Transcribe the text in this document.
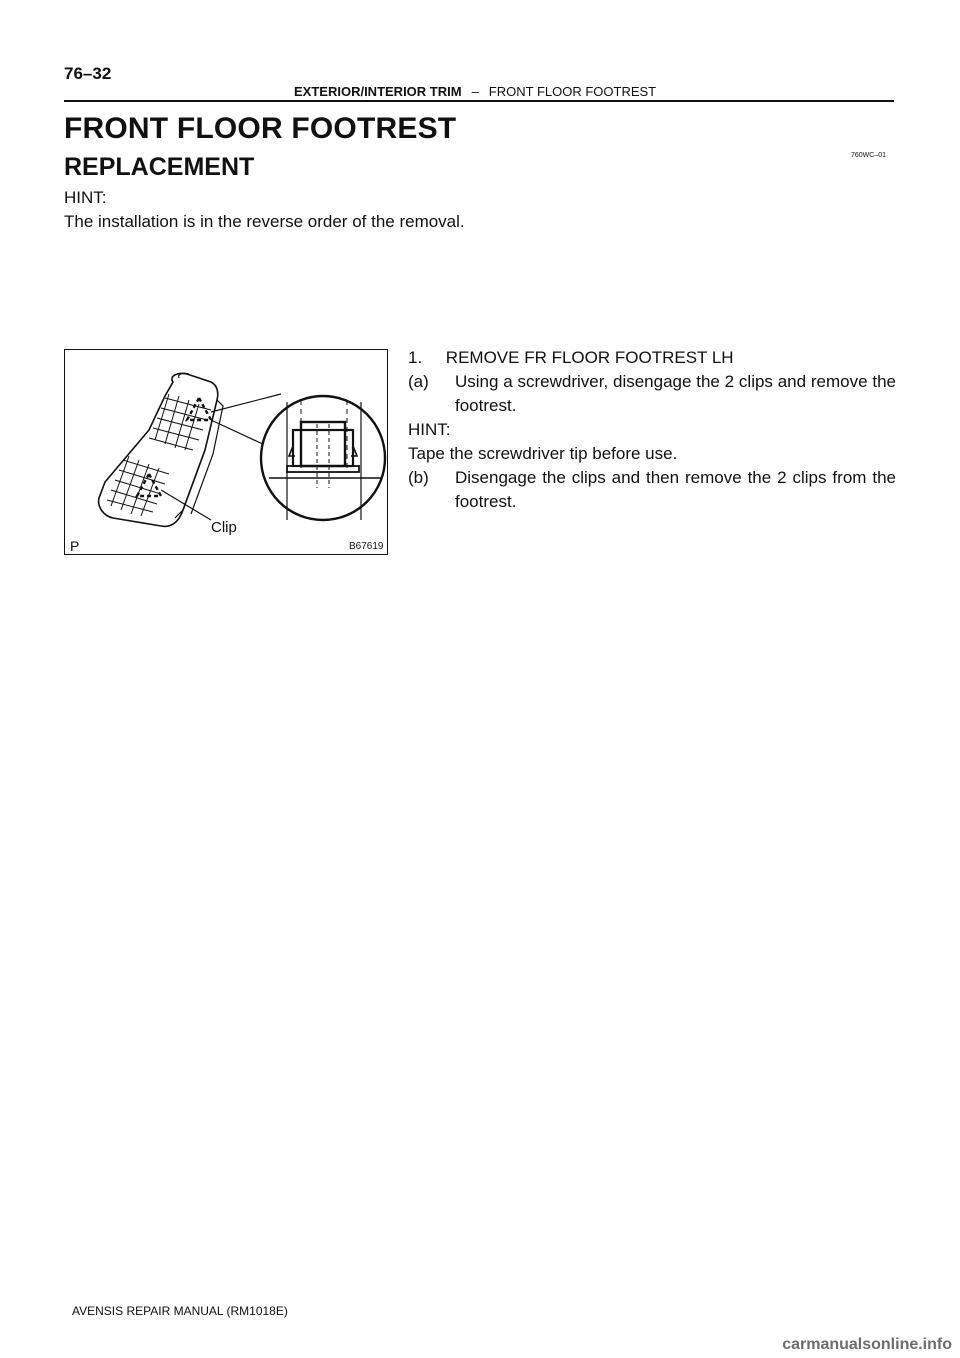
76–32
EXTERIOR/INTERIOR TRIM – FRONT FLOOR FOOTREST
FRONT FLOOR FOOTREST
760WC–01
REPLACEMENT
HINT:
The installation is in the reverse order of the removal.
P	B67619
Clip
1.     REMOVE FR FLOOR FOOTREST LH
(a) Using a screwdriver, disengage the 2 clips and remove the footrest.
HINT:
Tape the screwdriver tip before use.
(b) Disengage the clips and then remove the 2 clips from the footrest.
AVENSIS REPAIR MANUAL (RM1018E)
carmanualsonline.info
